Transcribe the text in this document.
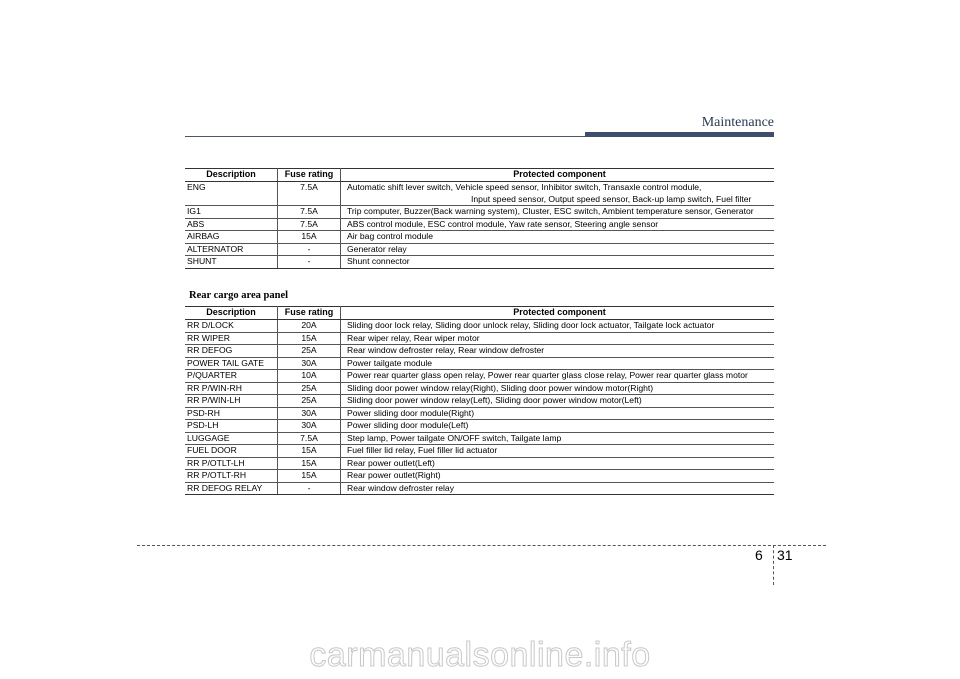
Maintenance
Description	Fuse rating	Protected component
ENG	7.5A	Automatic shift lever switch, Vehicle speed sensor, Inhibitor switch, Transaxle control module,
Input speed sensor, Output speed sensor, Back-up lamp switch, Fuel filter

IG1	7.5A	Trip computer, Buzzer(Back warning system), Cluster, ESC switch, Ambient temperature sensor, Generator
ABS	7.5A	ABS control module, ESC control module, Yaw rate sensor, Steering angle sensor
AIRBAG	15A	Air bag control module
ALTERNATOR	-	Generator relay
SHUNT	-	Shunt connector
Rear cargo area panel
Description	Fuse rating	Protected component
RR D/LOCK	20A	Sliding door lock relay, Sliding door unlock relay, Sliding door lock actuator, Tailgate lock actuator
RR WIPER	15A	Rear wiper relay, Rear wiper motor
RR DEFOG	25A	Rear window defroster relay, Rear window defroster
POWER TAIL GATE	30A	Power tailgate module
P/QUARTER	10A	Power rear quarter glass open relay, Power rear quarter glass close relay, Power rear quarter glass motor
RR P/WIN-RH	25A	Sliding door power window relay(Right), Sliding door power window motor(Right)
RR P/WIN-LH	25A	Sliding door power window relay(Left), Sliding door power window motor(Left)
PSD-RH	30A	Power sliding door module(Right)
PSD-LH	30A	Power sliding door module(Left)
LUGGAGE	7.5A	Step lamp, Power tailgate ON/OFF switch, Tailgate lamp
FUEL DOOR	15A	Fuel filler lid relay, Fuel filler lid actuator
RR P/OTLT-LH	15A	Rear power outlet(Left)
RR P/OTLT-RH	15A	Rear power outlet(Right)
RR DEFOG RELAY	-	Rear window defroster relay
6 31
carmanualsonline.info
